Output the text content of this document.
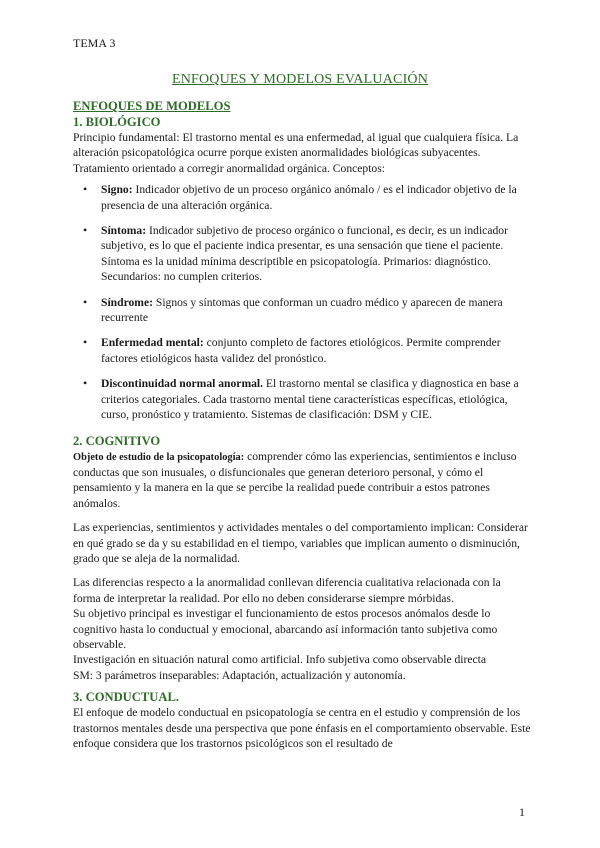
TEMA 3
ENFOQUES Y MODELOS EVALUACIÓN
ENFOQUES DE MODELOS
1. BIOLÓGICO

Principio fundamental: El trastorno mental es una enfermedad, al igual que cualquiera física. La alteración psicopatológica ocurre porque existen anormalidades biológicas subyacentes. Tratamiento orientado a corregir anormalidad orgánica. Conceptos:

• Signo: Indicador objetivo de un proceso orgánico anómalo / es el indicador objetivo de la presencia de una alteración orgánica.
• Síntoma: Indicador subjetivo de proceso orgánico o funcional, es decir, es un indicador subjetivo, es lo que el paciente indica presentar, es una sensación que tiene el paciente. Síntoma es la unidad mínima descriptible en psicopatología. Primarios: diagnóstico. Secundarios: no cumplen criterios.
• Síndrome: Signos y síntomas que conforman un cuadro médico y aparecen de manera recurrente
• Enfermedad mental: conjunto completo de factores etiológicos. Permite comprender factores etiológicos hasta validez del pronóstico.
• Discontinuidad normal anormal. El trastorno mental se clasifica y diagnostica en base a criterios categoriales. Cada trastorno mental tiene características específicas, etiológica, curso, pronóstico y tratamiento. Sistemas de clasificación: DSM y CIE.
2. COGNITIVO

Objeto de estudio de la psicopatología: comprender cómo las experiencias, sentimientos e incluso conductas que son inusuales, o disfuncionales que generan deterioro personal, y cómo el pensamiento y la manera en la que se percibe la realidad puede contribuir a estos patrones anómalos.

Las experiencias, sentimientos y actividades mentales o del comportamiento implican: Considerar en qué grado se da y su estabilidad en el tiempo, variables que implican aumento o disminución, grado que se aleja de la normalidad.

Las diferencias respecto a la anormalidad conllevan diferencia cualitativa relacionada con la forma de interpretar la realidad. Por ello no deben considerarse siempre mórbidas.

Su objetivo principal es investigar el funcionamiento de estos procesos anómalos desde lo cognitivo hasta lo conductual y emocional, abarcando así información tanto subjetiva como observable.

Investigación en situación natural como artificial. Info subjetiva como observable directa

SM: 3 parámetros inseparables: Adaptación, actualización y autonomía.

3. CONDUCTUAL.

El enfoque de modelo conductual en psicopatología se centra en el estudio y comprensión de los trastornos mentales desde una perspectiva que pone énfasis en el comportamiento observable. Este enfoque considera que los trastornos psicológicos son el resultado de

1
